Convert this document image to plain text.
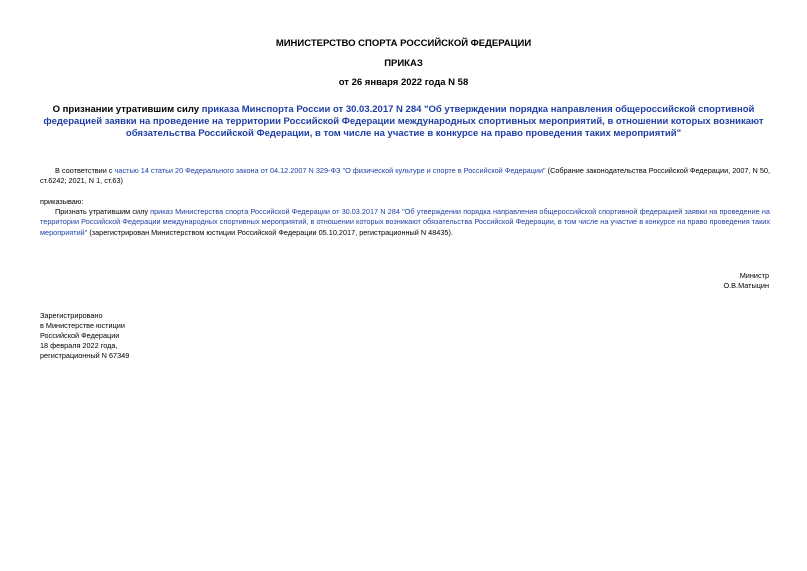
МИНИСТЕРСТВО СПОРТА РОССИЙСКОЙ ФЕДЕРАЦИИ
ПРИКАЗ
от 26 января 2022 года N 58
О признании утратившим силу приказа Минспорта России от 30.03.2017 N 284 "Об утверждении порядка направления общероссийской спортивной федерацией заявки на проведение на территории Российской Федерации международных спортивных мероприятий, в отношении которых возникают обязательства Российской Федерации, в том числе на участие в конкурсе на право проведения таких мероприятий"
В соответствии с частью 14 статьи 20 Федерального закона от 04.12.2007 N 329-ФЗ "О физической культуре и спорте в Российской Федерации" (Собрание законодательства Российской Федерации, 2007, N 50, ст.6242; 2021, N 1, ст.63)
приказываю:
Признать утратившим силу приказ Министерства спорта Российской Федерации от 30.03.2017 N 284 "Об утверждении порядка направления общероссийской спортивной федерацией заявки на проведение на территории Российской Федерации международных спортивных мероприятий, в отношении которых возникают обязательства Российской Федерации, в том числе на участие в конкурсе на право проведения таких мероприятий" (зарегистрирован Министерством юстиции Российской Федерации 05.10.2017, регистрационный N 48435).
Министр
О.В.Матыцин
Зарегистрировано
в Министерстве юстиции
Российской Федерации
18 февраля 2022 года,
регистрационный N 67349
